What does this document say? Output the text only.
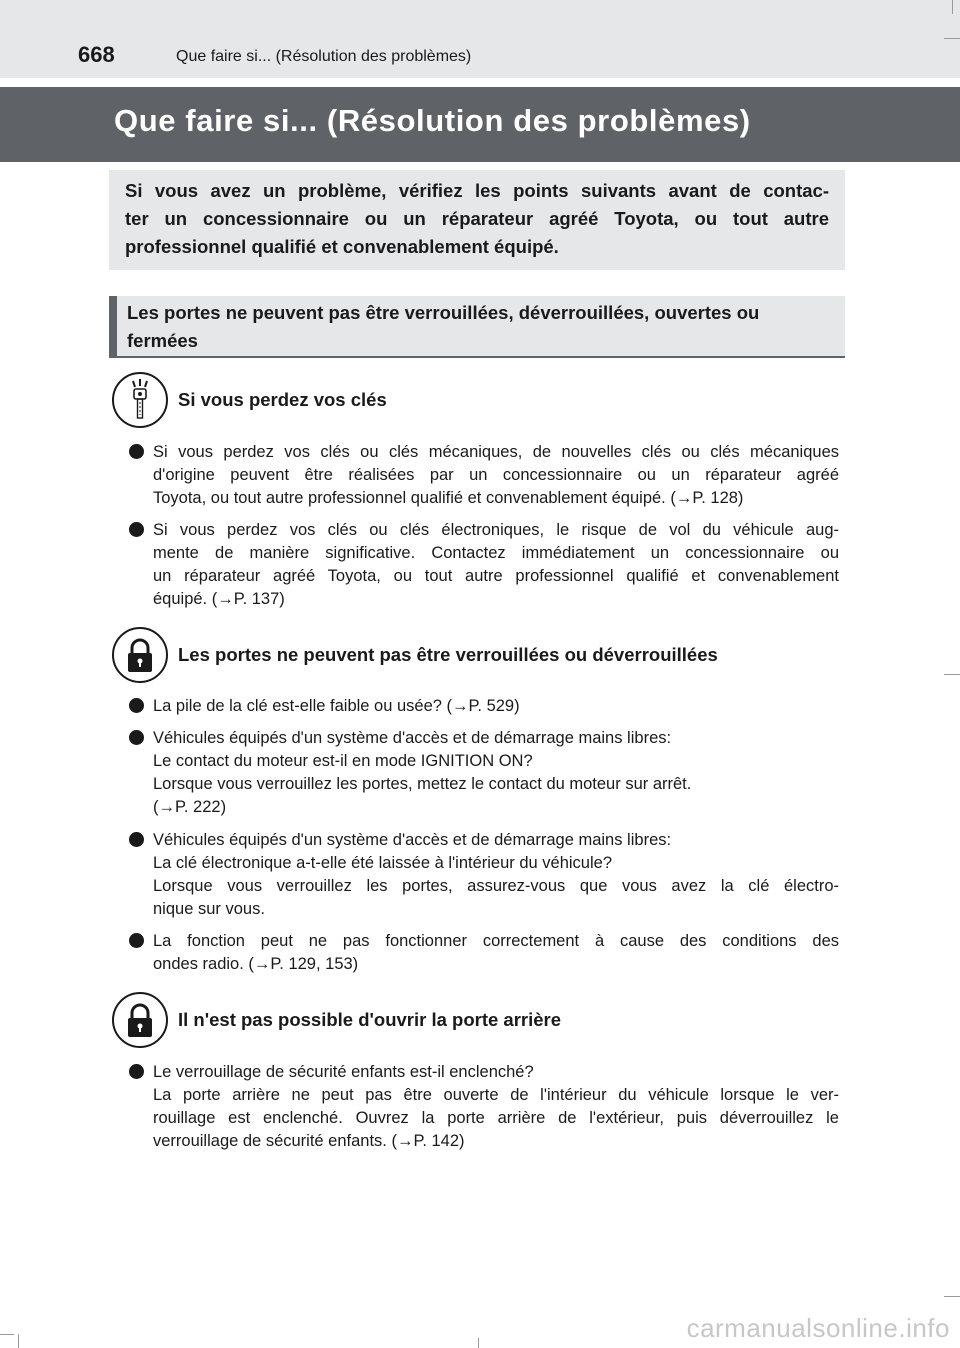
668	Que faire si... (Résolution des problèmes)
Que faire si... (Résolution des problèmes)

Si vous avez un problème, vérifiez les points suivants avant de contac-
ter un concessionnaire ou un réparateur agréé Toyota, ou tout autre
professionnel qualifié et convenablement équipé.

Les portes ne peuvent pas être verrouillées, déverrouillées, ouvertes ou
fermées

Si vous perdez vos clés
Si vous perdez vos clés ou clés mécaniques, de nouvelles clés ou clés mécaniques
d'origine peuvent être réalisées par un concessionnaire ou un réparateur agréé
Toyota, ou tout autre professionnel qualifié et convenablement équipé. (→P. 128)
Si vous perdez vos clés ou clés électroniques, le risque de vol du véhicule aug-
mente de manière significative. Contactez immédiatement un concessionnaire ou
un réparateur agréé Toyota, ou tout autre professionnel qualifié et convenablement
équipé. (→P. 137)
Les portes ne peuvent pas être verrouillées ou déverrouillées
La pile de la clé est-elle faible ou usée? (→P. 529)
Véhicules équipés d'un système d'accès et de démarrage mains libres:
Le contact du moteur est-il en mode IGNITION ON?
Lorsque vous verrouillez les portes, mettez le contact du moteur sur arrêt.
(→P. 222)
Véhicules équipés d'un système d'accès et de démarrage mains libres:
La clé électronique a-t-elle été laissée à l'intérieur du véhicule?
Lorsque vous verrouillez les portes, assurez-vous que vous avez la clé électro-
nique sur vous.
La fonction peut ne pas fonctionner correctement à cause des conditions des
ondes radio. (→P. 129, 153)
Il n'est pas possible d'ouvrir la porte arrière
Le verrouillage de sécurité enfants est-il enclenché?
La porte arrière ne peut pas être ouverte de l'intérieur du véhicule lorsque le ver-
rouillage est enclenché. Ouvrez la porte arrière de l'extérieur, puis déverrouillez le
verrouillage de sécurité enfants. (→P. 142)
carmanualsonline.info
